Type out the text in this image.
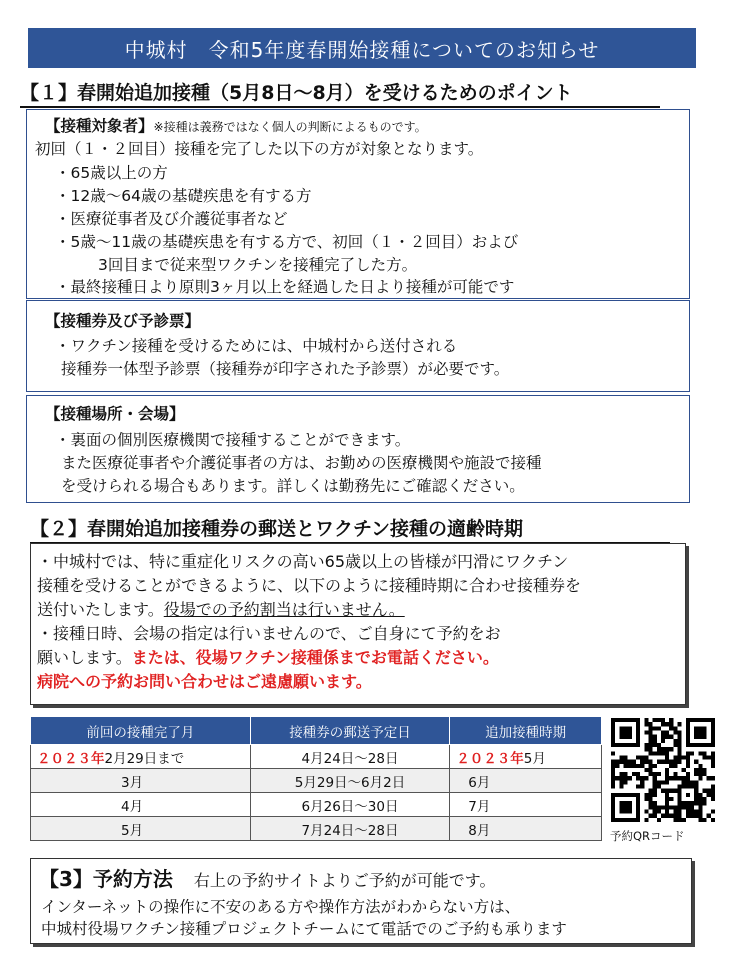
中城村　令和5年度春開始接種についてのお知らせ
【１】春開始追加接種（5月8日～8月）を受けるためのポイント
【接種対象者】※接種は義務ではなく個人の判断によるものです。
初回（１・２回目）接種を完了した以下の方が対象となります。
・65歳以上の方
・12歳～64歳の基礎疾患を有する方
・医療従事者及び介護従事者など
・5歳～11歳の基礎疾患を有する方で、初回（１・２回目）および
3回目まで従来型ワクチンを接種完了した方。
・最終接種日より原則3ヶ月以上を経過した日より接種が可能です
【接種券及び予診票】
・ワクチン接種を受けるためには、中城村から送付される
接種券一体型予診票（接種券が印字された予診票）が必要です。
【接種場所・会場】
・裏面の個別医療機関で接種することができます。
また医療従事者や介護従事者の方は、お勤めの医療機関や施設で接種
を受けられる場合もあります。詳しくは勤務先にご確認ください。
【２】春開始追加接種券の郵送とワクチン接種の適齢時期
・中城村では、特に重症化リスクの高い65歳以上の皆様が円滑にワクチン
接種を受けることができるように、以下のように接種時期に合わせ接種券を
送付いたします。役場での予約割当は行いません。
・接種日時、会場の指定は行いませんので、ご自身にて予約をお
願いします。または、役場ワクチン接種係までお電話ください。
病院への予約お問い合わせはご遠慮願います。
前回の接種完了月	接種券の郵送予定日	追加接種時期
２０２３年2月29日まで	4月24日～28日	２０２３年5月
3月	5月29日～6月2日	6月
4月	6月26日～30日	7月
5月	7月24日～28日	8月	予約QRコード
【3】予約方法 右上の予約サイトよりご予約が可能です。
インターネットの操作に不安のある方や操作方法がわからない方は、
中城村役場ワクチン接種プロジェクトチームにて電話でのご予約も承ります
